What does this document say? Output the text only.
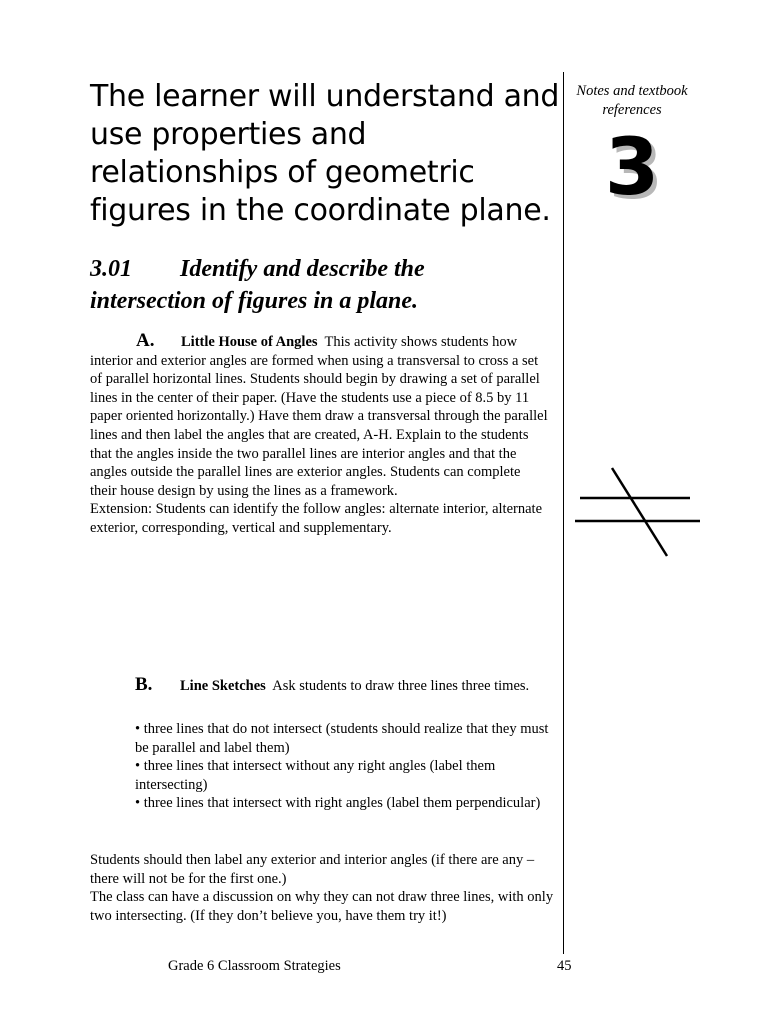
The learner will understand and use properties and relationships of geometric figures in the coordinate plane.
3.01 Identify and describe the intersection of figures in a plane.
A. Little House of Angles This activity shows students how interior and exterior angles are formed when using a transversal to cross a set of parallel horizontal lines. Students should begin by drawing a set of parallel lines in the center of their paper. (Have the students use a piece of 8.5 by 11 paper oriented horizontally.) Have them draw a transversal through the parallel lines and then label the angles that are created, A-H. Explain to the students that the angles inside the two parallel lines are interior angles and that the angles outside the parallel lines are exterior angles. Students can complete their house design by using the lines as a framework.
Extension: Students can identify the follow angles: alternate interior, alternate exterior, corresponding, vertical and supplementary.
B. Line Sketches Ask students to draw three lines three times.
• three lines that do not intersect (students should realize that they must be parallel and label them)
• three lines that intersect without any right angles (label them intersecting)
• three lines that intersect with right angles (label them perpendicular)
Students should then label any exterior and interior angles (if there are any – there will not be for the first one.)
The class can have a discussion on why they can not draw three lines, with only two intersecting. (If they don’t believe you, have them try it!)
Notes and textbook references
3
Grade 6 Classroom Strategies	45
